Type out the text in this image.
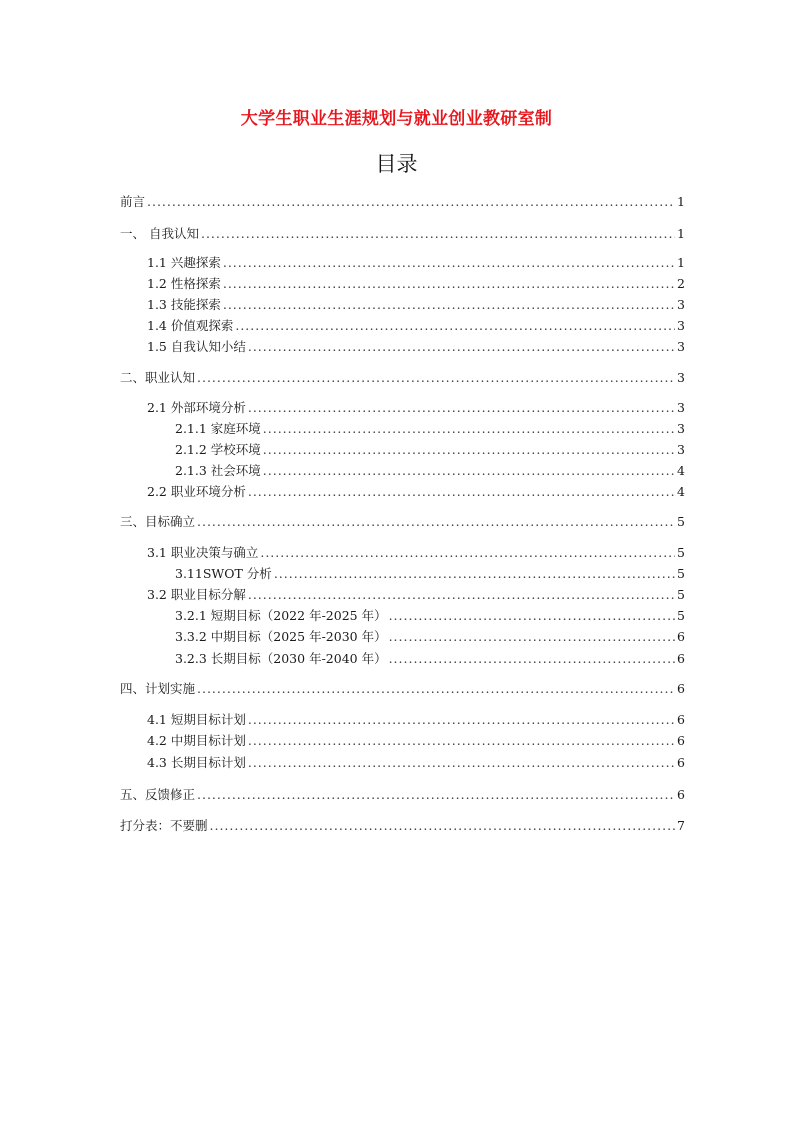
大学生职业生涯规划与就业创业教研室制
目录
前言 .....	1
一、 自我认知 .....	1
1.1 兴趣探索 .....	1
1.2 性格探索 .....	2
1.3 技能探索 .....	3
1.4 价值观探索 .....	3
1.5 自我认知小结 .....	3
二、职业认知 .....	3
2.1 外部环境分析 .....	3
2.1.1 家庭环境 .....	3
2.1.2 学校环境 .....	3
2.1.3 社会环境 .....	4
2.2 职业环境分析 .....	4
三、目标确立 .....	5
3.1 职业决策与确立 .....	5
3.11SWOT 分析 .....	5
3.2 职业目标分解 .....	5
3.2.1 短期目标（2022 年-2025 年） .....	5
3.3.2 中期目标（2025 年-2030 年） .....	6
3.2.3 长期目标（2030 年-2040 年） .....	6
四、计划实施 .....	6
4.1 短期目标计划 .....	6
4.2 中期目标计划 .....	6
4.3 长期目标计划 .....	6
五、反馈修正 .....	6
打分表：不要删 .....	7
